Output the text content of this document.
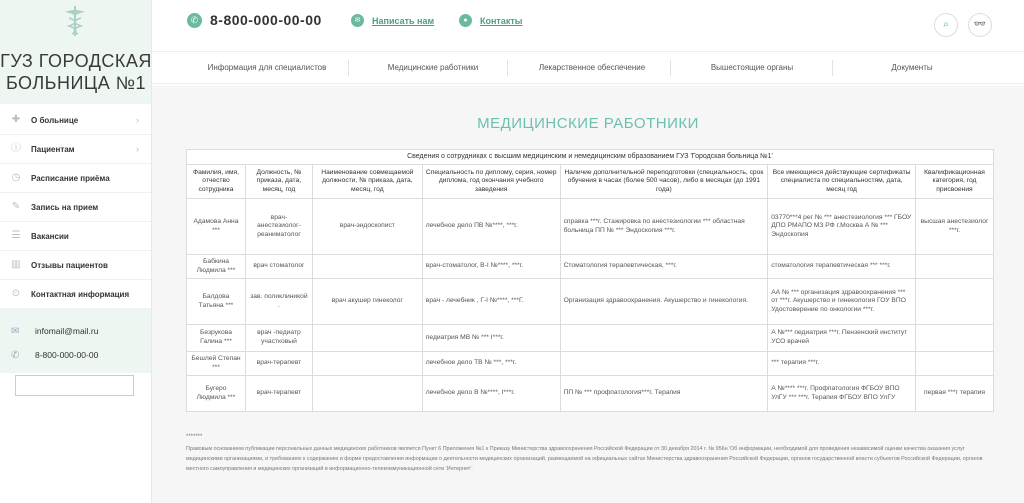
ГУЗ ГОРОДСКАЯ
БОЛЬНИЦА №1
✚ О больнице	›
ⓘ Пациентам	›
◷ Расписание приёма
✎ Запись на прием
☰ Вакансии
▥ Отзывы пациентов
⊙ Контактная информация
✉	infomail@mail.ru
✆	8-800-000-00-00
✆ 8-800-000-00-00	✉	Написать нам	●	Контакты	⌕	👓
Информация для специалистов	Медицинские работники	Лекарственное обеспечение	Вышестоящие органы	Документы
МЕДИЦИНСКИЕ РАБОТНИКИ
Сведения о сотрудниках с высшим медицинским и немедицинским образованием ГУЗ 'Городская больница №1'						
Фамилия, имя, отчество сотрудника	Должность, № приказа, дата, месяц, год	Наименование совмещаемой должности, № приказа, дата, месяц, год	Специальность по диплому, серия, номер диплома, год окончания учебного заведения	Наличие дополнительной переподготовки (специальность, срок обучения в часах (более 500 часов), либо в месяцах (до 1991 года)	Все имеющиеся действующие сертификаты специалиста по специальностям, дата, месяц год	Квалификационная категория, год присвоения
Адамова Анна ***	врач-анестезиолог-реаниматолог	врач-эндоскопист	лечебное дело ПВ №****, ***г.	справка ***г. Стажировка по анестезиологии *** областная больница ПП № *** Эндоскопия ***г.	03770***4 рег № *** анестезиология *** ГБОУ ДПО РМАПО МЗ РФ г.Москва А № *** Эндоскопия	высшая анестезиолог ***г.
Бабкина Людмила ***	врач стоматолог		врач-стоматолог, В-I №****, ***г.	Стоматология терапевтическая, ***г.	стоматология терапевтическая *** ***г.	
Балдова Татьяна ***	зав. поликлиникой .	врач акушер гинеколог	врач - лечебник , Г-I №****, ***Г.	Организация здравоохранения. Акушерство и гинекология.	АА № *** организация здравоохранения *** от ***г. Акушерство и гинекология ГОУ ВПО Удостоверение по онкологии ***г.	
Безрукова Галина ***	врач -педиатр участковый		педиатрия МВ № *** I***г.		А №*** педиатрия ***г. Пензенский институт УСО врачей	
Бешлей Степан ***	врач-терапевт		лечебное дело ТВ № ***, ***г.		*** терапия ***г.	
Бугеро Людмила ***	врач-терапевт		лечебное дело В №****, I***г.	ПП № *** профпатология***г. Терапия	А №**** ***г. Профпатология ФГБОУ ВПО УлГУ *** ***г. Терапия ФГБОУ ВПО УлГУ	первая ***г терапия
*******
Правовым основанием публикации персональных данных медицинских работников является Пункт 6 Приложения №1 к Приказу Министерства здравоохранения Российской Федерации от 30 декабря 2014 г. № 956н 'Об информации, необходимой для проведения независимой оценки качества оказания услуг медицинскими организациями, и требованиях к содержанию и форме предоставления информации о деятельности медицинских организаций, размещаемой на официальных сайтах Министерства здравоохранения Российской Федерации, органов государственной власти субъектов Российской Федерации, органов местного самоуправления и медицинских организаций в информационно-телекоммуникационной сети 'Интернет'.
